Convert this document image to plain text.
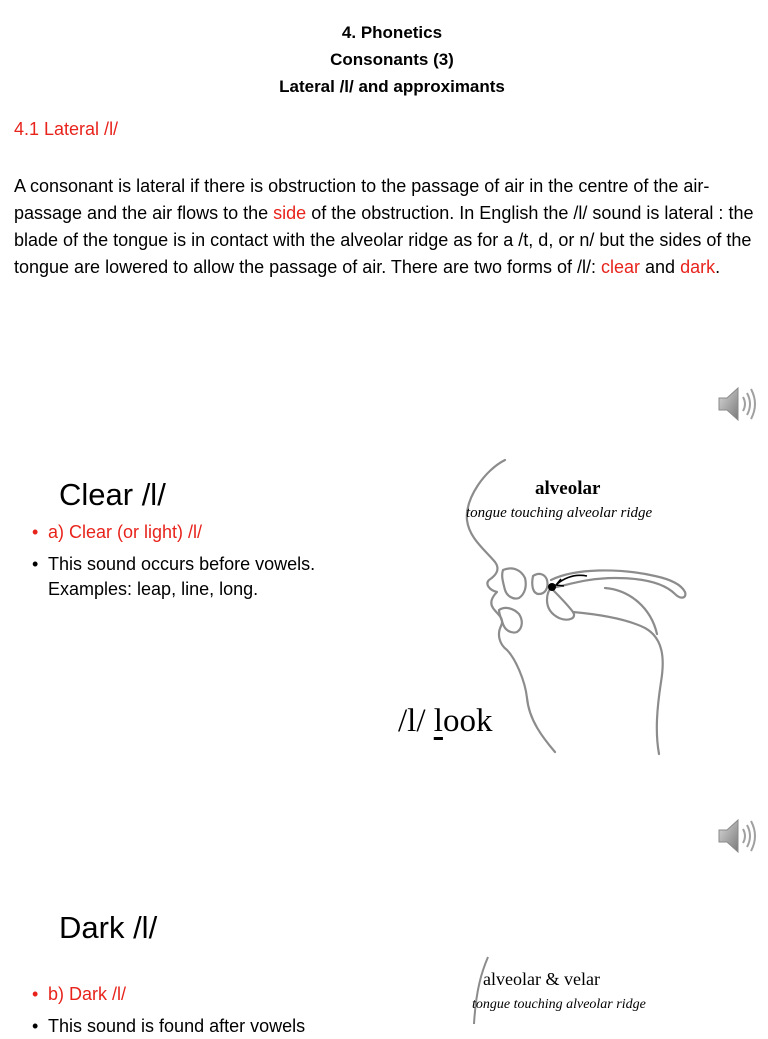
4. Phonetics
Consonants (3)
Lateral /l/ and approximants
4.1 Lateral /l/
A consonant is lateral if there is obstruction to the passage of air in the centre of the air-passage and the air flows to the side of the obstruction. In English the /l/ sound is lateral : the blade of the tongue is in contact with the alveolar ridge as for a /t, d, or n/ but the sides of the tongue are lowered to allow the passage of air. There are two forms of /l/: clear and dark.
Clear /l/
• a) Clear (or light) /l/
• This sound occurs before vowels. Examples: leap, line, long.
alveolar
tongue touching alveolar ridge
/l/ look
Dark /l/
• b) Dark /l/
• This sound is found after vowels
alveolar & velar
tongue touching alveolar ridge
